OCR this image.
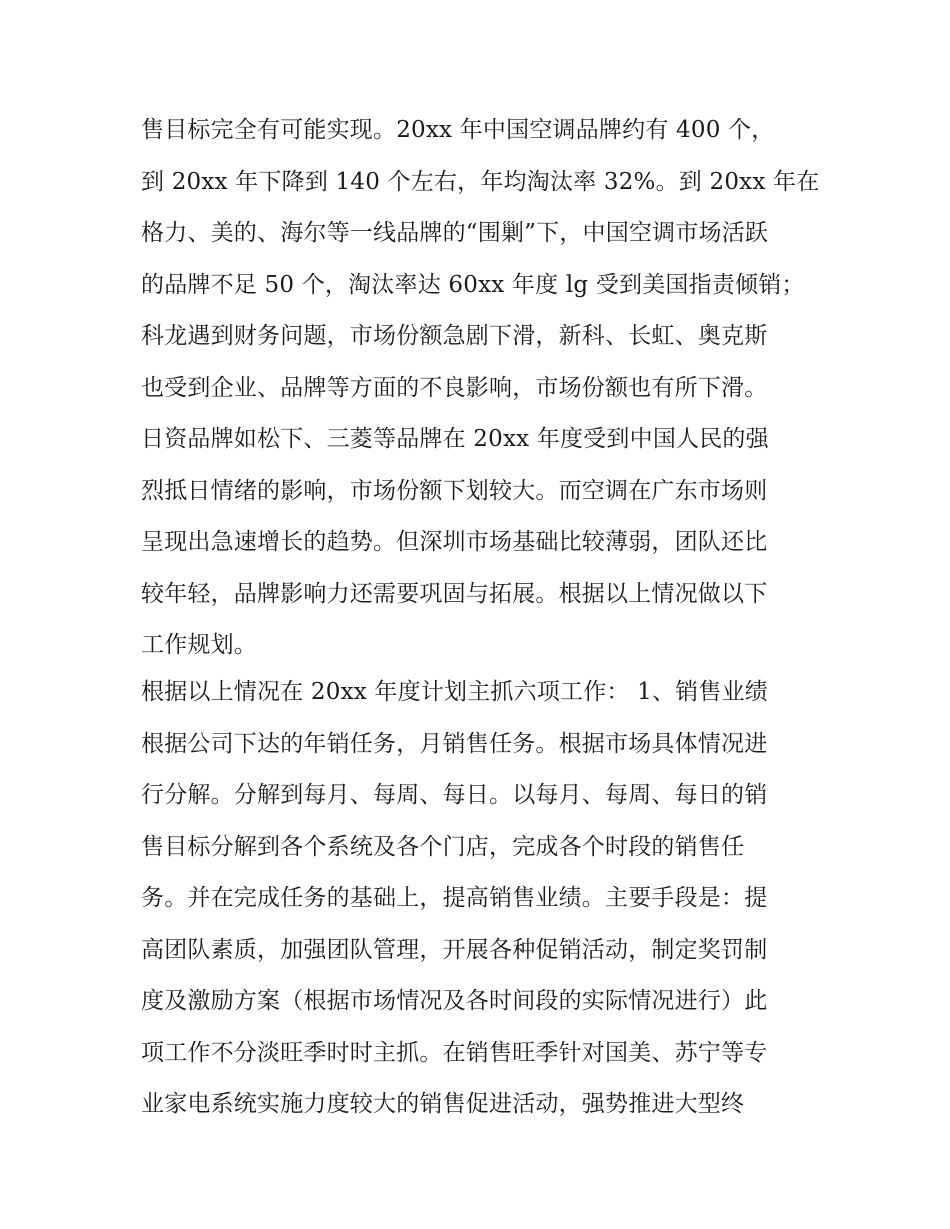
售目标完全有可能实现。20xx 年中国空调品牌约有 400 个，
到 20xx 年下降到 140 个左右，年均淘汰率 32%。到 20xx 年在
格力、美的、海尔等一线品牌的“围剿”下，中国空调市场活跃
的品牌不足 50 个，淘汰率达 60xx 年度 lg 受到美国指责倾销；
科龙遇到财务问题，市场份额急剧下滑，新科、长虹、奥克斯
也受到企业、品牌等方面的不良影响，市场份额也有所下滑。
日资品牌如松下、三菱等品牌在 20xx 年度受到中国人民的强
烈抵日情绪的影响，市场份额下划较大。而空调在广东市场则
呈现出急速增长的趋势。但深圳市场基础比较薄弱，团队还比
较年轻，品牌影响力还需要巩固与拓展。根据以上情况做以下
工作规划。
根据以上情况在 20xx 年度计划主抓六项工作： 1、销售业绩
根据公司下达的年销任务，月销售任务。根据市场具体情况进
行分解。分解到每月、每周、每日。以每月、每周、每日的销
售目标分解到各个系统及各个门店，完成各个时段的销售任
务。并在完成任务的基础上，提高销售业绩。主要手段是：提
高团队素质，加强团队管理，开展各种促销活动，制定奖罚制
度及激励方案（根据市场情况及各时间段的实际情况进行）此
项工作不分淡旺季时时主抓。在销售旺季针对国美、苏宁等专
业家电系统实施力度较大的销售促进活动，强势推进大型终
